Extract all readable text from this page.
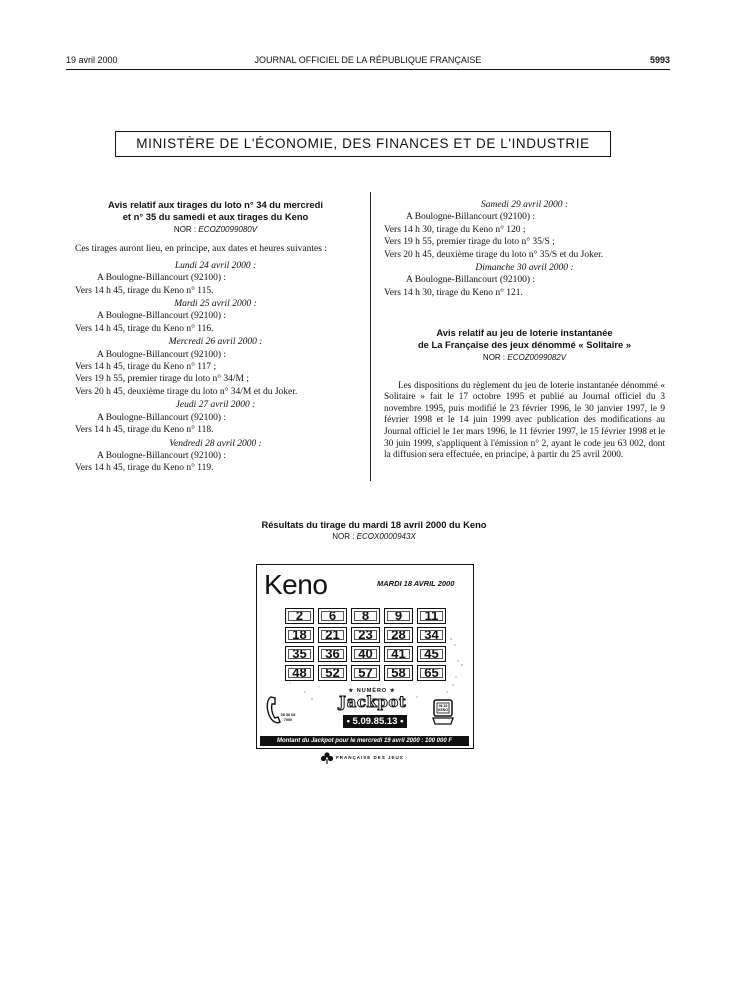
19 avril 2000	JOURNAL OFFICIEL DE LA RÉPUBLIQUE FRANÇAISE	5993
MINISTÈRE DE L'ÉCONOMIE, DES FINANCES ET DE L'INDUSTRIE
Avis relatif aux tirages du loto n° 34 du mercredi
et n° 35 du samedi et aux tirages du Keno
NOR : ECOZ0099080V
Ces tirages auront lieu, en principe, aux dates et heures suivantes :
Lundi 24 avril 2000 :
A Boulogne-Billancourt (92100) :
Vers 14 h 45, tirage du Keno n° 115.
Mardi 25 avril 2000 :
A Boulogne-Billancourt (92100) :
Vers 14 h 45, tirage du Keno n° 116.
Mercredi 26 avril 2000 :
A Boulogne-Billancourt (92100) :
Vers 14 h 45, tirage du Keno n° 117 ;
Vers 19 h 55, premier tirage du loto n° 34/M ;
Vers 20 h 45, deuxième tirage du loto n° 34/M et du Joker.
Jeudi 27 avril 2000 :
A Boulogne-Billancourt (92100) :
Vers 14 h 45, tirage du Keno n° 118.
Vendredi 28 avril 2000 :
A Boulogne-Billancourt (92100) :
Vers 14 h 45, tirage du Keno n° 119.
Samedi 29 avril 2000 :
A Boulogne-Billancourt (92100) :
Vers 14 h 30, tirage du Keno n° 120 ;
Vers 19 h 55, premier tirage du loto n° 35/S ;
Vers 20 h 45, deuxième tirage du loto n° 35/S et du Joker.
Dimanche 30 avril 2000 :
A Boulogne-Billancourt (92100) :
Vers 14 h 30, tirage du Keno n° 121.
Avis relatif au jeu de loterie instantanée
de La Française des jeux dénommé « Solitaire »
NOR : ECOZ0099082V
Les dispositions du règlement du jeu de loterie instantanée dénommé « Solitaire » fait le 17 octobre 1995 et publié au Journal officiel du 3 novembre 1995, puis modifié le 23 février 1996, le 30 janvier 1997, le 9 février 1998 et le 14 juin 1999 avec publication des modifications au Journal officiel le 1er mars 1996, le 11 février 1997, le 15 février 1998 et le 30 juin 1999, s'appliquent à l'émission n° 2, ayant le code jeu 63 002, dont la diffusion sera effectuée, en principe, à partir du 25 avril 2000.
Résultats du tirage du mardi 18 avril 2000 du Keno
NOR : ECOX0000943X
Keno	MARDI 18 AVRIL 2000
2	6	8	9	11
18	21	23	28	34
35	36	40	41	45
48	52	57	58	65
08 36 68
7000
★ NUMÉRO ★
Jackpot
• 5.09.85.13 •
36 15
KENO
Montant du Jackpot pour le mercredi 19 avril 2000 : 100 000 F
FRANÇAISE DES JEUX
